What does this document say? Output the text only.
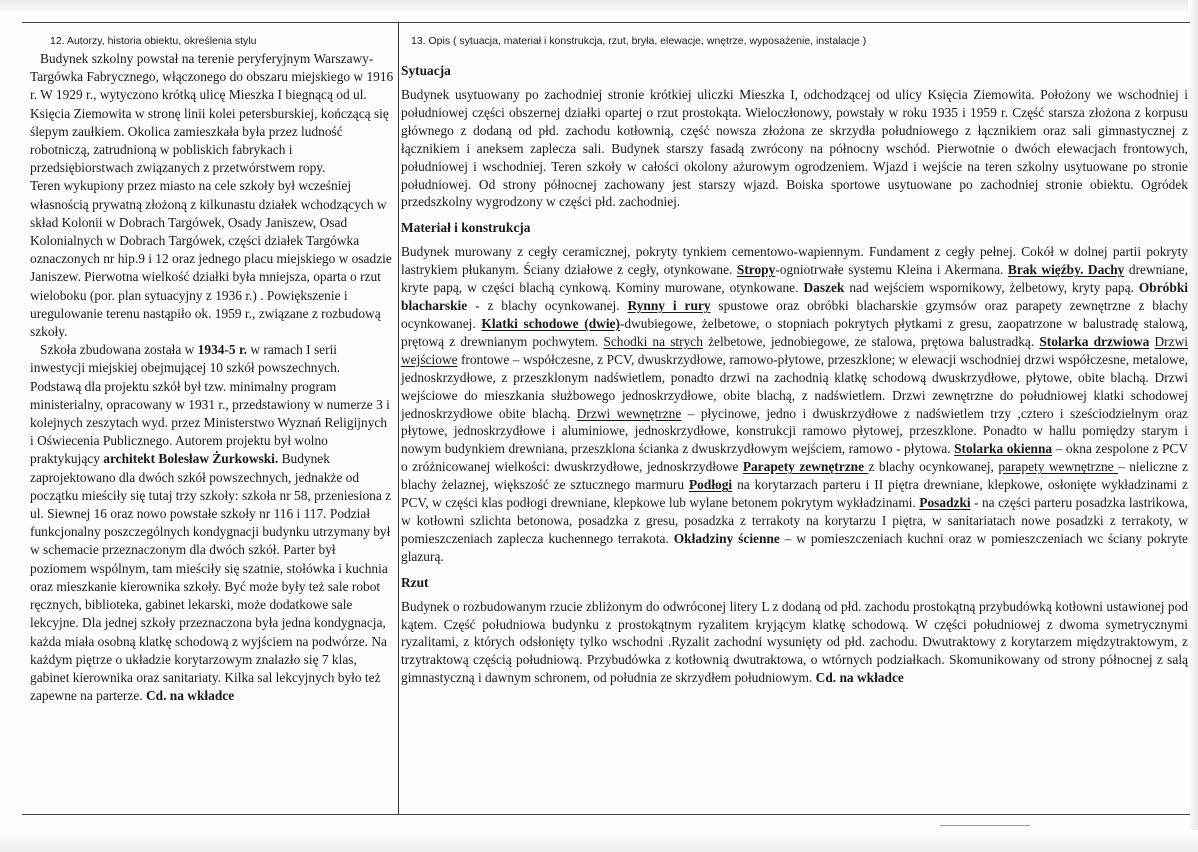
12. Autorzy, historia obiektu, określenia stylu

Budynek szkolny powstał na terenie peryferyjnym Warszawy-Targówka Fabrycznego, włączonego do obszaru miejskiego w 1916 r. W 1929 r., wytyczono krótką ulicę Mieszka I biegnącą od ul. Księcia Ziemowita w stronę linii kolei petersburskiej, kończącą się ślepym zaułkiem. Okolica zamieszkała była przez ludność robotniczą, zatrudnioną w pobliskich fabrykach i przedsiębiorstwach związanych z przetwórstwem ropy.

Teren wykupiony przez miasto na cele szkoły był wcześniej własnością prywatną złożoną z kilkunastu działek wchodzących w skład Kolonii w Dobrach Targówek, Osady Janiszew, Osad Kolonialnych w Dobrach Targówek, części działek Targówka oznaczonych nr hip.9 i 12 oraz jednego placu miejskiego w osadzie Janiszew. Pierwotna wielkość działki była mniejsza, oparta o rzut wieloboku (por. plan sytuacyjny z 1936 r.) . Powiększenie i uregulowanie terenu nastąpiło ok. 1959 r., związane z rozbudową szkoły.

Szkoła zbudowana została w 1934-5 r. w ramach I serii inwestycji miejskiej obejmującej 10 szkół powszechnych. Podstawą dla projektu szkół był tzw. minimalny program ministerialny, opracowany w 1931 r., przedstawiony w numerze 3 i kolejnych zeszytach wyd. przez Ministerstwo Wyznań Religijnych i Oświecenia Publicznego. Autorem projektu był wolno praktykujący architekt Bolesław Żurkowski. Budynek zaprojektowano dla dwóch szkół powszechnych, jednakże od początku mieściły się tutaj trzy szkoły: szkoła nr 58, przeniesiona z ul. Siewnej 16 oraz nowo powstałe szkoły nr 116 i 117. Podział funkcjonalny poszczególnych kondygnacji budynku utrzymany był w schemacie przeznaczonym dla dwóch szkół. Parter był poziomem wspólnym, tam mieściły się szatnie, stołówka i kuchnia oraz mieszkanie kierownika szkoły. Być może były też sale robot ręcznych, biblioteka, gabinet lekarski, może dodatkowe sale lekcyjne. Dla jednej szkoły przeznaczona była jedna kondygnacja, każda miała osobną klatkę schodową z wyjściem na podwórze. Na każdym piętrze o układzie korytarzowym znalazło się 7 klas, gabinet kierownika oraz sanitariaty. Kilka sal lekcyjnych było też zapewne na parterze. Cd. na wkładce

13. Opis ( sytuacja, materiał i konstrukcja, rzut, bryła, elewacje, wnętrze, wyposażenie, instalacje )
Sytuacja
Budynek usytuowany po zachodniej stronie krótkiej uliczki Mieszka I, odchodzącej od ulicy Księcia Ziemowita. Położony we wschodniej i południowej części obszernej działki opartej o rzut prostokąta. Wieloczłonowy, powstały w roku 1935 i 1959 r. Część starsza złożona z korpusu głównego z dodaną od płd. zachodu kotłownią, część nowsza złożona ze skrzydła południowego z łącznikiem oraz sali gimnastycznej z łącznikiem i aneksem zaplecza sali. Budynek starszy fasadą zwrócony na północny wschód. Pierwotnie o dwóch elewacjach frontowych, południowej i wschodniej. Teren szkoły w całości okolony ażurowym ogrodzeniem. Wjazd i wejście na teren szkolny usytuowane po stronie południowej. Od strony północnej zachowany jest starszy wjazd. Boiska sportowe usytuowane po zachodniej stronie obiektu. Ogródek przedszkolny wygrodzony w części płd. zachodniej.
Materiał i konstrukcja
Budynek murowany z cegły ceramicznej, pokryty tynkiem cementowo-wapiennym. Fundament z cegły pełnej. Cokół w dolnej partii pokryty lastrykiem płukanym. Ściany działowe z cegły, otynkowane. Stropy-ogniotrwałe systemu Kleina i Akermana. Brak więźby. Dachy drewniane, kryte papą, w części blachą cynkową. Kominy murowane, otynkowane. Daszek nad wejściem wspornikowy, żelbetowy, kryty papą. Obróbki blacharskie - z blachy ocynkowanej. Rynny i rury spustowe oraz obróbki blacharskie gzymsów oraz parapety zewnętrzne z blachy ocynkowanej. Klatki schodowe (dwie)-dwubiegowe, żelbetowe, o stopniach pokrytych płytkami z gresu, zaopatrzone w balustradę stalową, prętową z drewnianym pochwytem. Schodki na strych żelbetowe, jednobiegowe, ze stalowa, prętowa balustradką. Stolarka drzwiowa Drzwi wejściowe frontowe – współczesne, z PCV, dwuskrzydłowe, ramowo-płytowe, przeszklone; w elewacji wschodniej drzwi współczesne, metalowe, jednoskrzydłowe, z przeszklonym nadświetlem, ponadto drzwi na zachodnią klatkę schodową dwuskrzydłowe, płytowe, obite blachą. Drzwi wejściowe do mieszkania służbowego jednoskrzydłowe, obite blachą, z nadświetlem. Drzwi zewnętrzne do południowej klatki schodowej jednoskrzydłowe obite blachą. Drzwi wewnętrzne – płycinowe, jedno i dwuskrzydłowe z nadświetlem trzy ,cztero i sześciodzielnym oraz płytowe, jednoskrzydłowe i aluminiowe, jednoskrzydłowe, konstrukcji ramowo płytowej, przeszklone. Ponadto w hallu pomiędzy starym i nowym budynkiem drewniana, przeszklona ścianka z dwuskrzydłowym wejściem, ramowo - płytowa. Stolarka okienna – okna zespolone z PCV o zróżnicowanej wielkości: dwuskrzydłowe, jednoskrzydłowe Parapety zewnętrzne z blachy ocynkowanej, parapety wewnętrzne – nieliczne z blachy żelaznej, większość ze sztucznego marmuru Podłogi na korytarzach parteru i II piętra drewniane, klepkowe, osłonięte wykładzinami z PCV, w części klas podłogi drewniane, klepkowe lub wylane betonem pokrytym wykładzinami. Posadzki - na części parteru posadzka lastrikowa, w kotłowni szlichta betonowa, posadzka z gresu, posadzka z terrakoty na korytarzu I piętra, w sanitariatach nowe posadzki z terrakoty, w pomieszczeniach zaplecza kuchennego terrakota. Okładziny ścienne – w pomieszczeniach kuchni oraz w pomieszczeniach wc ściany pokryte glazurą.
Rzut
Budynek o rozbudowanym rzucie zbliżonym do odwróconej litery L z dodaną od płd. zachodu prostokątną przybudówką kotłowni ustawionej pod kątem. Część południowa budynku z prostokątnym ryzalitem kryjącym klatkę schodową. W części południowej z dwoma symetrycznymi ryzalitami, z których odsłonięty tylko wschodni .Ryzalit zachodni wysunięty od płd. zachodu. Dwutraktowy z korytarzem międzytraktowym, z trzytraktową częścią południową. Przybudówka z kotłownią dwutraktowa, o wtórnych podziałkach. Skomunikowany od strony północnej z salą gimnastyczną i dawnym schronem, od południa ze skrzydłem południowym. Cd. na wkładce
